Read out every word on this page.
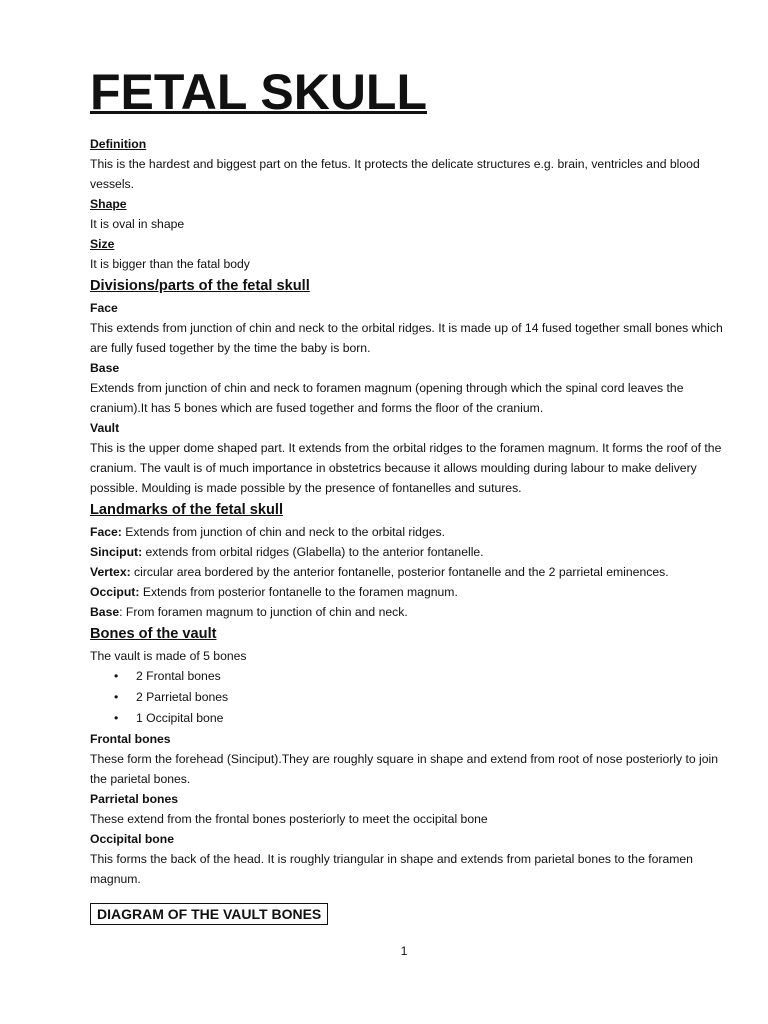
FETAL SKULL

Definition

This is the hardest and biggest part on the fetus. It protects the delicate structures e.g. brain, ventricles and blood vessels.

Shape

It is oval in shape

Size

It is bigger than the fatal body

Divisions/parts of the fetal skull

Face

This extends from junction of chin and neck to the orbital ridges. It is made up of 14 fused together small bones which are fully fused together by the time the baby is born.

Base

Extends from junction of chin and neck to foramen magnum (opening through which the spinal cord leaves the cranium).It has 5 bones which are fused together and forms the floor of the cranium.

Vault

This is the upper dome shaped part. It extends from the orbital ridges to the foramen magnum. It forms the roof of the cranium. The vault is of much importance in obstetrics because it allows moulding during labour to make delivery possible. Moulding is made possible by the presence of fontanelles and sutures.

Landmarks of the fetal skull

Face: Extends from junction of chin and neck to the orbital ridges.

Sinciput: extends from orbital ridges (Glabella) to the anterior fontanelle.

Vertex: circular area bordered by the anterior fontanelle, posterior fontanelle and the 2 parrietal eminences.

Occiput: Extends from posterior fontanelle to the foramen magnum.

Base: From foramen magnum to junction of chin and neck.

Bones of the vault

The vault is made of 5 bones

• 2 Frontal bones
• 2 Parrietal bones
• 1 Occipital bone

Frontal bones

These form the forehead (Sinciput).They are roughly square in shape and extend from root of nose posteriorly to join the parietal bones.

Parrietal bones

These extend from the frontal bones posteriorly to meet the occipital bone

Occipital bone

This forms the back of the head. It is roughly triangular in shape and extends from parietal bones to the foramen magnum.

DIAGRAM OF THE VAULT BONES
1
